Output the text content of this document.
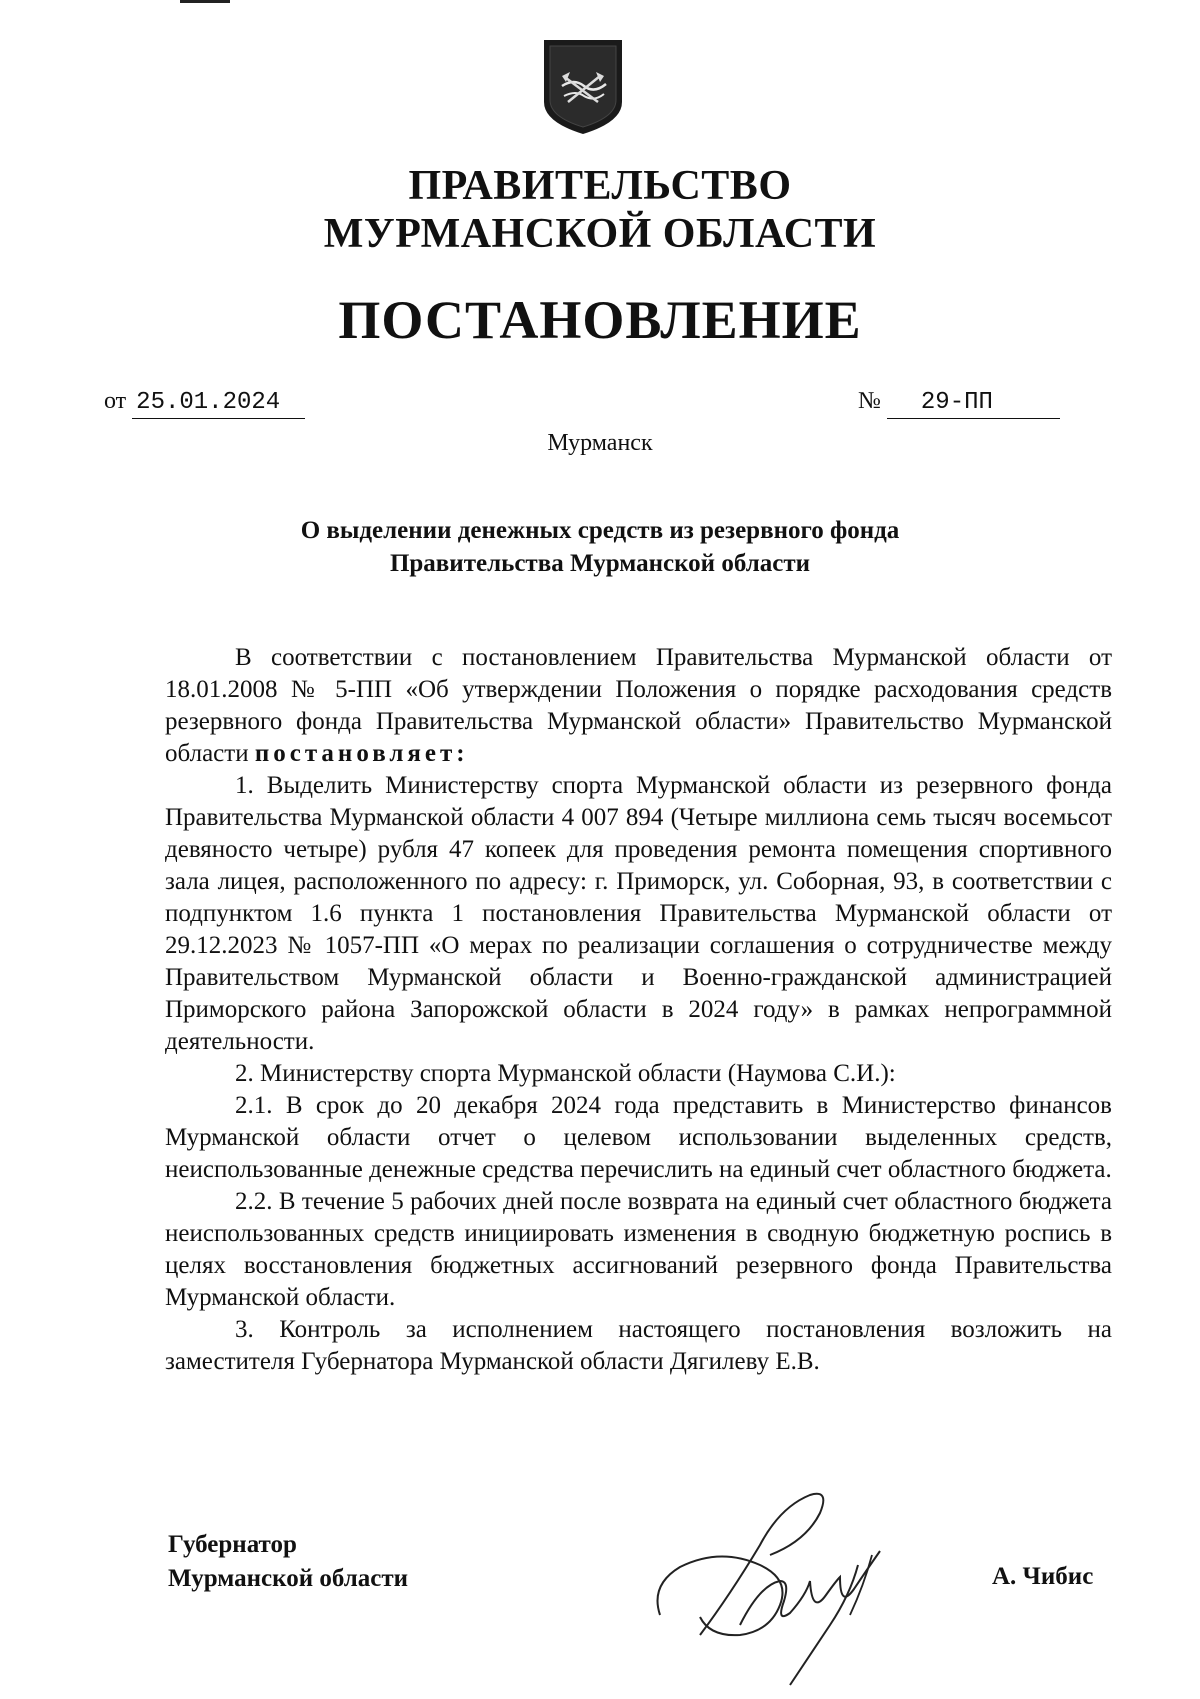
ПРАВИТЕЛЬСТВО
МУРМАНСКОЙ ОБЛАСТИ
ПОСТАНОВЛЕНИЕ
от 25.01.2024	№ 29-ПП
Мурманск
О выделении денежных средств из резервного фонда
Правительства Мурманской области

В соответствии с постановлением Правительства Мурманской области от 18.01.2008 № 5-ПП «Об утверждении Положения о порядке расходования средств резервного фонда Правительства Мурманской области» Правительство Мурманской области постановляет:

1. Выделить Министерству спорта Мурманской области из резервного фонда Правительства Мурманской области 4 007 894 (Четыре миллиона семь тысяч восемьсот девяносто четыре) рубля 47 копеек для проведения ремонта помещения спортивного зала лицея, расположенного по адресу: г. Приморск, ул. Соборная, 93, в соответствии с подпунктом 1.6 пункта 1 постановления Правительства Мурманской области от 29.12.2023 № 1057-ПП «О мерах по реализации соглашения о сотрудничестве между Правительством Мурманской области и Военно-гражданской администрацией Приморского района Запорожской области в 2024 году» в рамках непрограммной деятельности.

2. Министерству спорта Мурманской области (Наумова С.И.):

2.1. В срок до 20 декабря 2024 года представить в Министерство финансов Мурманской области отчет о целевом использовании выделенных средств, неиспользованные денежные средства перечислить на единый счет областного бюджета.

2.2. В течение 5 рабочих дней после возврата на единый счет областного бюджета неиспользованных средств инициировать изменения в сводную бюджетную роспись в целях восстановления бюджетных ассигнований резервного фонда Правительства Мурманской области.

3. Контроль за исполнением настоящего постановления возложить на заместителя Губернатора Мурманской области Дягилеву Е.В.

Губернатор
Мурманской области	А. Чибис
